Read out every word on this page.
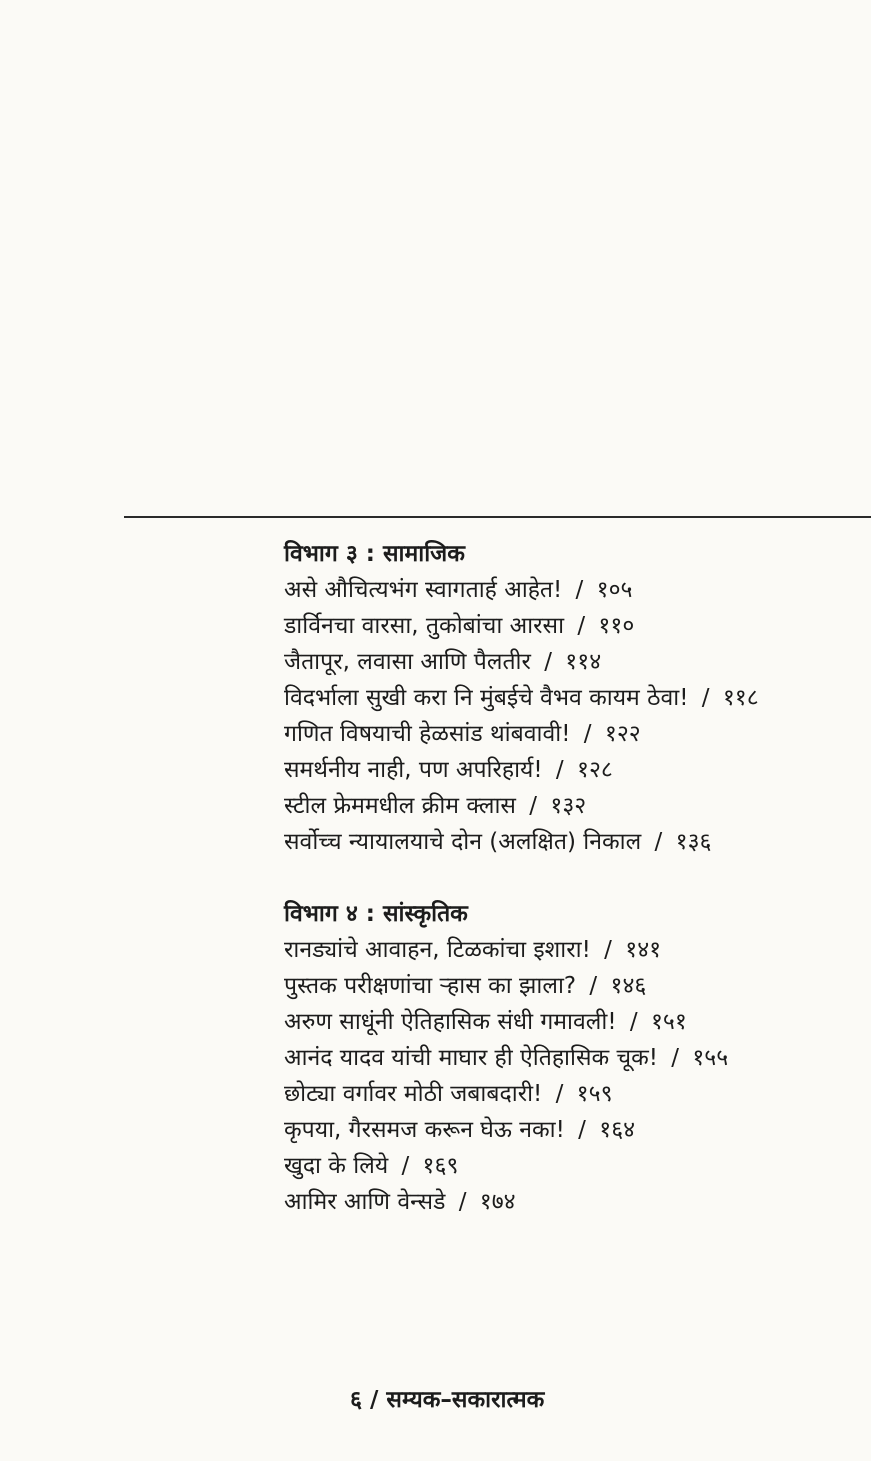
विभाग ३ : सामाजिक
असे औचित्यभंग स्वागतार्ह आहेत! / १०५
डार्विनचा वारसा, तुकोबांचा आरसा / ११०
जैतापूर, लवासा आणि पैलतीर / ११४
विदर्भाला सुखी करा नि मुंबईचे वैभव कायम ठेवा! / ११८
गणित विषयाची हेळसांड थांबवावी! / १२२
समर्थनीय नाही, पण अपरिहार्य! / १२८
स्टील फ्रेममधील क्रीम क्लास / १३२
सर्वोच्च न्यायालयाचे दोन (अलक्षित) निकाल / १३६
विभाग ४ : सांस्कृतिक
रानड्यांचे आवाहन, टिळकांचा इशारा! / १४१
पुस्तक परीक्षणांचा ऱ्हास का झाला? / १४६
अरुण साधूंनी ऐतिहासिक संधी गमावली! / १५१
आनंद यादव यांची माघार ही ऐतिहासिक चूक! / १५५
छोट्या वर्गावर मोठी जबाबदारी! / १५९
कृपया, गैरसमज करून घेऊ नका! / १६४
खुदा के लिये / १६९
आमिर आणि वेन्सडे / १७४
६ / सम्यक–सकारात्मक
